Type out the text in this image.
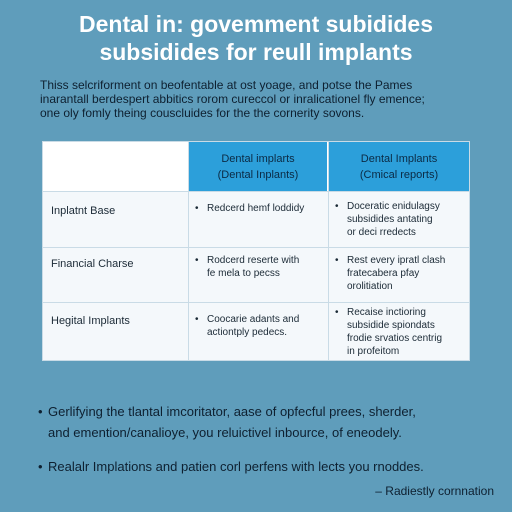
Dental in: govemment subidides
subsidides for reull implants
Thiss selcriforment on beofentable at ost yoage, and potse the Pames
inarantall berdespert abbitics rorom cureccol or inralicationel fly emence;
one oly fomly theing couscluides for the the cornerity sovons.
Dental implarts
(Dental Inplants)
Dental Implants
(Cmical reports)
Inplatnt Base	• Redcerd hemf loddidy	• Doceratic enidulagsy
subsidides antating
or deci rredects
Financial Charse	• Rodcerd reserte with
fe mela to pecss
• Rest every ipratl clash
fratecabera pfay
orolitiation
Hegital Implants	• Coocarie adants and
actiontply pedecs.
• Recaise inctioring
subsidide spiondats
frodie srvatios centrig
in profeitom
• Gerlifying the tlantal imcoritator, aase of opfecful prees, sherder,
and emention/canalioye, you reluictivel inbource, of eneodely.
• Realalr Implations and patien corl perfens with lects you rnoddes.
– Radiestly cornnation
